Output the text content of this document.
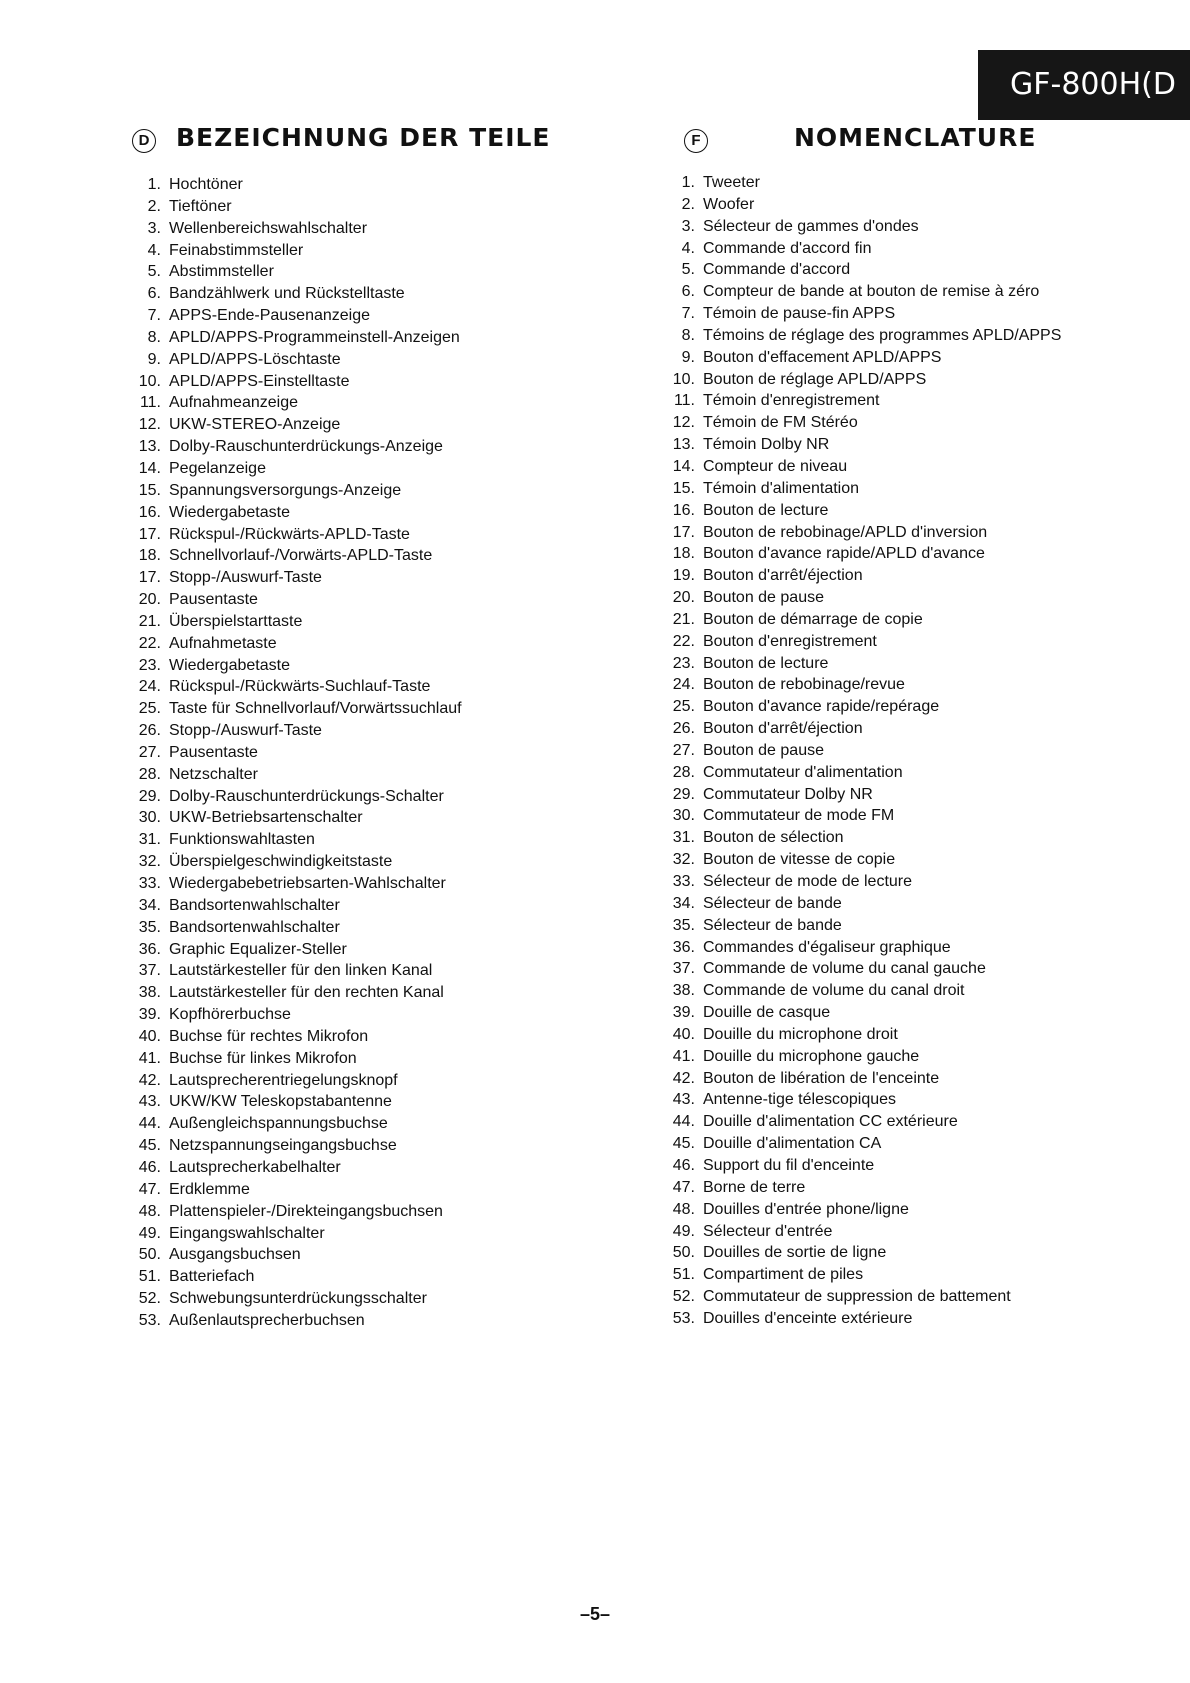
GF-800H(D
D BEZEICHNUNG DER TEILE
1. Hochtöner
2. Tieftöner
3. Wellenbereichswahlschalter
4. Feinabstimmsteller
5. Abstimmsteller
6. Bandzählwerk und Rückstelltaste
7. APPS-Ende-Pausenanzeige
8. APLD/APPS-Programmeinstell-Anzeigen
9. APLD/APPS-Löschtaste
10. APLD/APPS-Einstelltaste
11. Aufnahmeanzeige
12. UKW-STEREO-Anzeige
13. Dolby-Rauschunterdrückungs-Anzeige
14. Pegelanzeige
15. Spannungsversorgungs-Anzeige
16. Wiedergabetaste
17. Rückspul-/Rückwärts-APLD-Taste
18. Schnellvorlauf-/Vorwärts-APLD-Taste
17. Stopp-/Auswurf-Taste
20. Pausentaste
21. Überspielstarttaste
22. Aufnahmetaste
23. Wiedergabetaste
24. Rückspul-/Rückwärts-Suchlauf-Taste
25. Taste für Schnellvorlauf/Vorwärtssuchlauf
26. Stopp-/Auswurf-Taste
27. Pausentaste
28. Netzschalter
29. Dolby-Rauschunterdrückungs-Schalter
30. UKW-Betriebsartenschalter
31. Funktionswahltasten
32. Überspielgeschwindigkeitstaste
33. Wiedergabebetriebsarten-Wahlschalter
34. Bandsortenwahlschalter
35. Bandsortenwahlschalter
36. Graphic Equalizer-Steller
37. Lautstärkesteller für den linken Kanal
38. Lautstärkesteller für den rechten Kanal
39. Kopfhörerbuchse
40. Buchse für rechtes Mikrofon
41. Buchse für linkes Mikrofon
42. Lautsprecherentriegelungsknopf
43. UKW/KW Teleskopstabantenne
44. Außengleichspannungsbuchse
45. Netzspannungseingangsbuchse
46. Lautsprecherkabelhalter
47. Erdklemme
48. Plattenspieler-/Direkteingangsbuchsen
49. Eingangswahlschalter
50. Ausgangsbuchsen
51. Batteriefach
52. Schwebungsunterdrückungsschalter
53. Außenlautsprecherbuchsen
F	NOMENCLATURE
1. Tweeter
2. Woofer
3. Sélecteur de gammes d'ondes
4. Commande d'accord fin
5. Commande d'accord
6. Compteur de bande at bouton de remise à zéro
7. Témoin de pause-fin APPS
8. Témoins de réglage des programmes APLD/APPS
9. Bouton d'effacement APLD/APPS
10. Bouton de réglage APLD/APPS
11. Témoin d'enregistrement
12. Témoin de FM Stéréo
13. Témoin Dolby NR
14. Compteur de niveau
15. Témoin d'alimentation
16. Bouton de lecture
17. Bouton de rebobinage/APLD d'inversion
18. Bouton d'avance rapide/APLD d'avance
19. Bouton d'arrêt/éjection
20. Bouton de pause
21. Bouton de démarrage de copie
22. Bouton d'enregistrement
23. Bouton de lecture
24. Bouton de rebobinage/revue
25. Bouton d'avance rapide/repérage
26. Bouton d'arrêt/éjection
27. Bouton de pause
28. Commutateur d'alimentation
29. Commutateur Dolby NR
30. Commutateur de mode FM
31. Bouton de sélection
32. Bouton de vitesse de copie
33. Sélecteur de mode de lecture
34. Sélecteur de bande
35. Sélecteur de bande
36. Commandes d'égaliseur graphique
37. Commande de volume du canal gauche
38. Commande de volume du canal droit
39. Douille de casque
40. Douille du microphone droit
41. Douille du microphone gauche
42. Bouton de libération de l'enceinte
43. Antenne-tige télescopiques
44. Douille d'alimentation CC extérieure
45. Douille d'alimentation CA
46. Support du fil d'enceinte
47. Borne de terre
48. Douilles d'entrée phone/ligne
49. Sélecteur d'entrée
50. Douilles de sortie de ligne
51. Compartiment de piles
52. Commutateur de suppression de battement
53. Douilles d'enceinte extérieure
–5–
